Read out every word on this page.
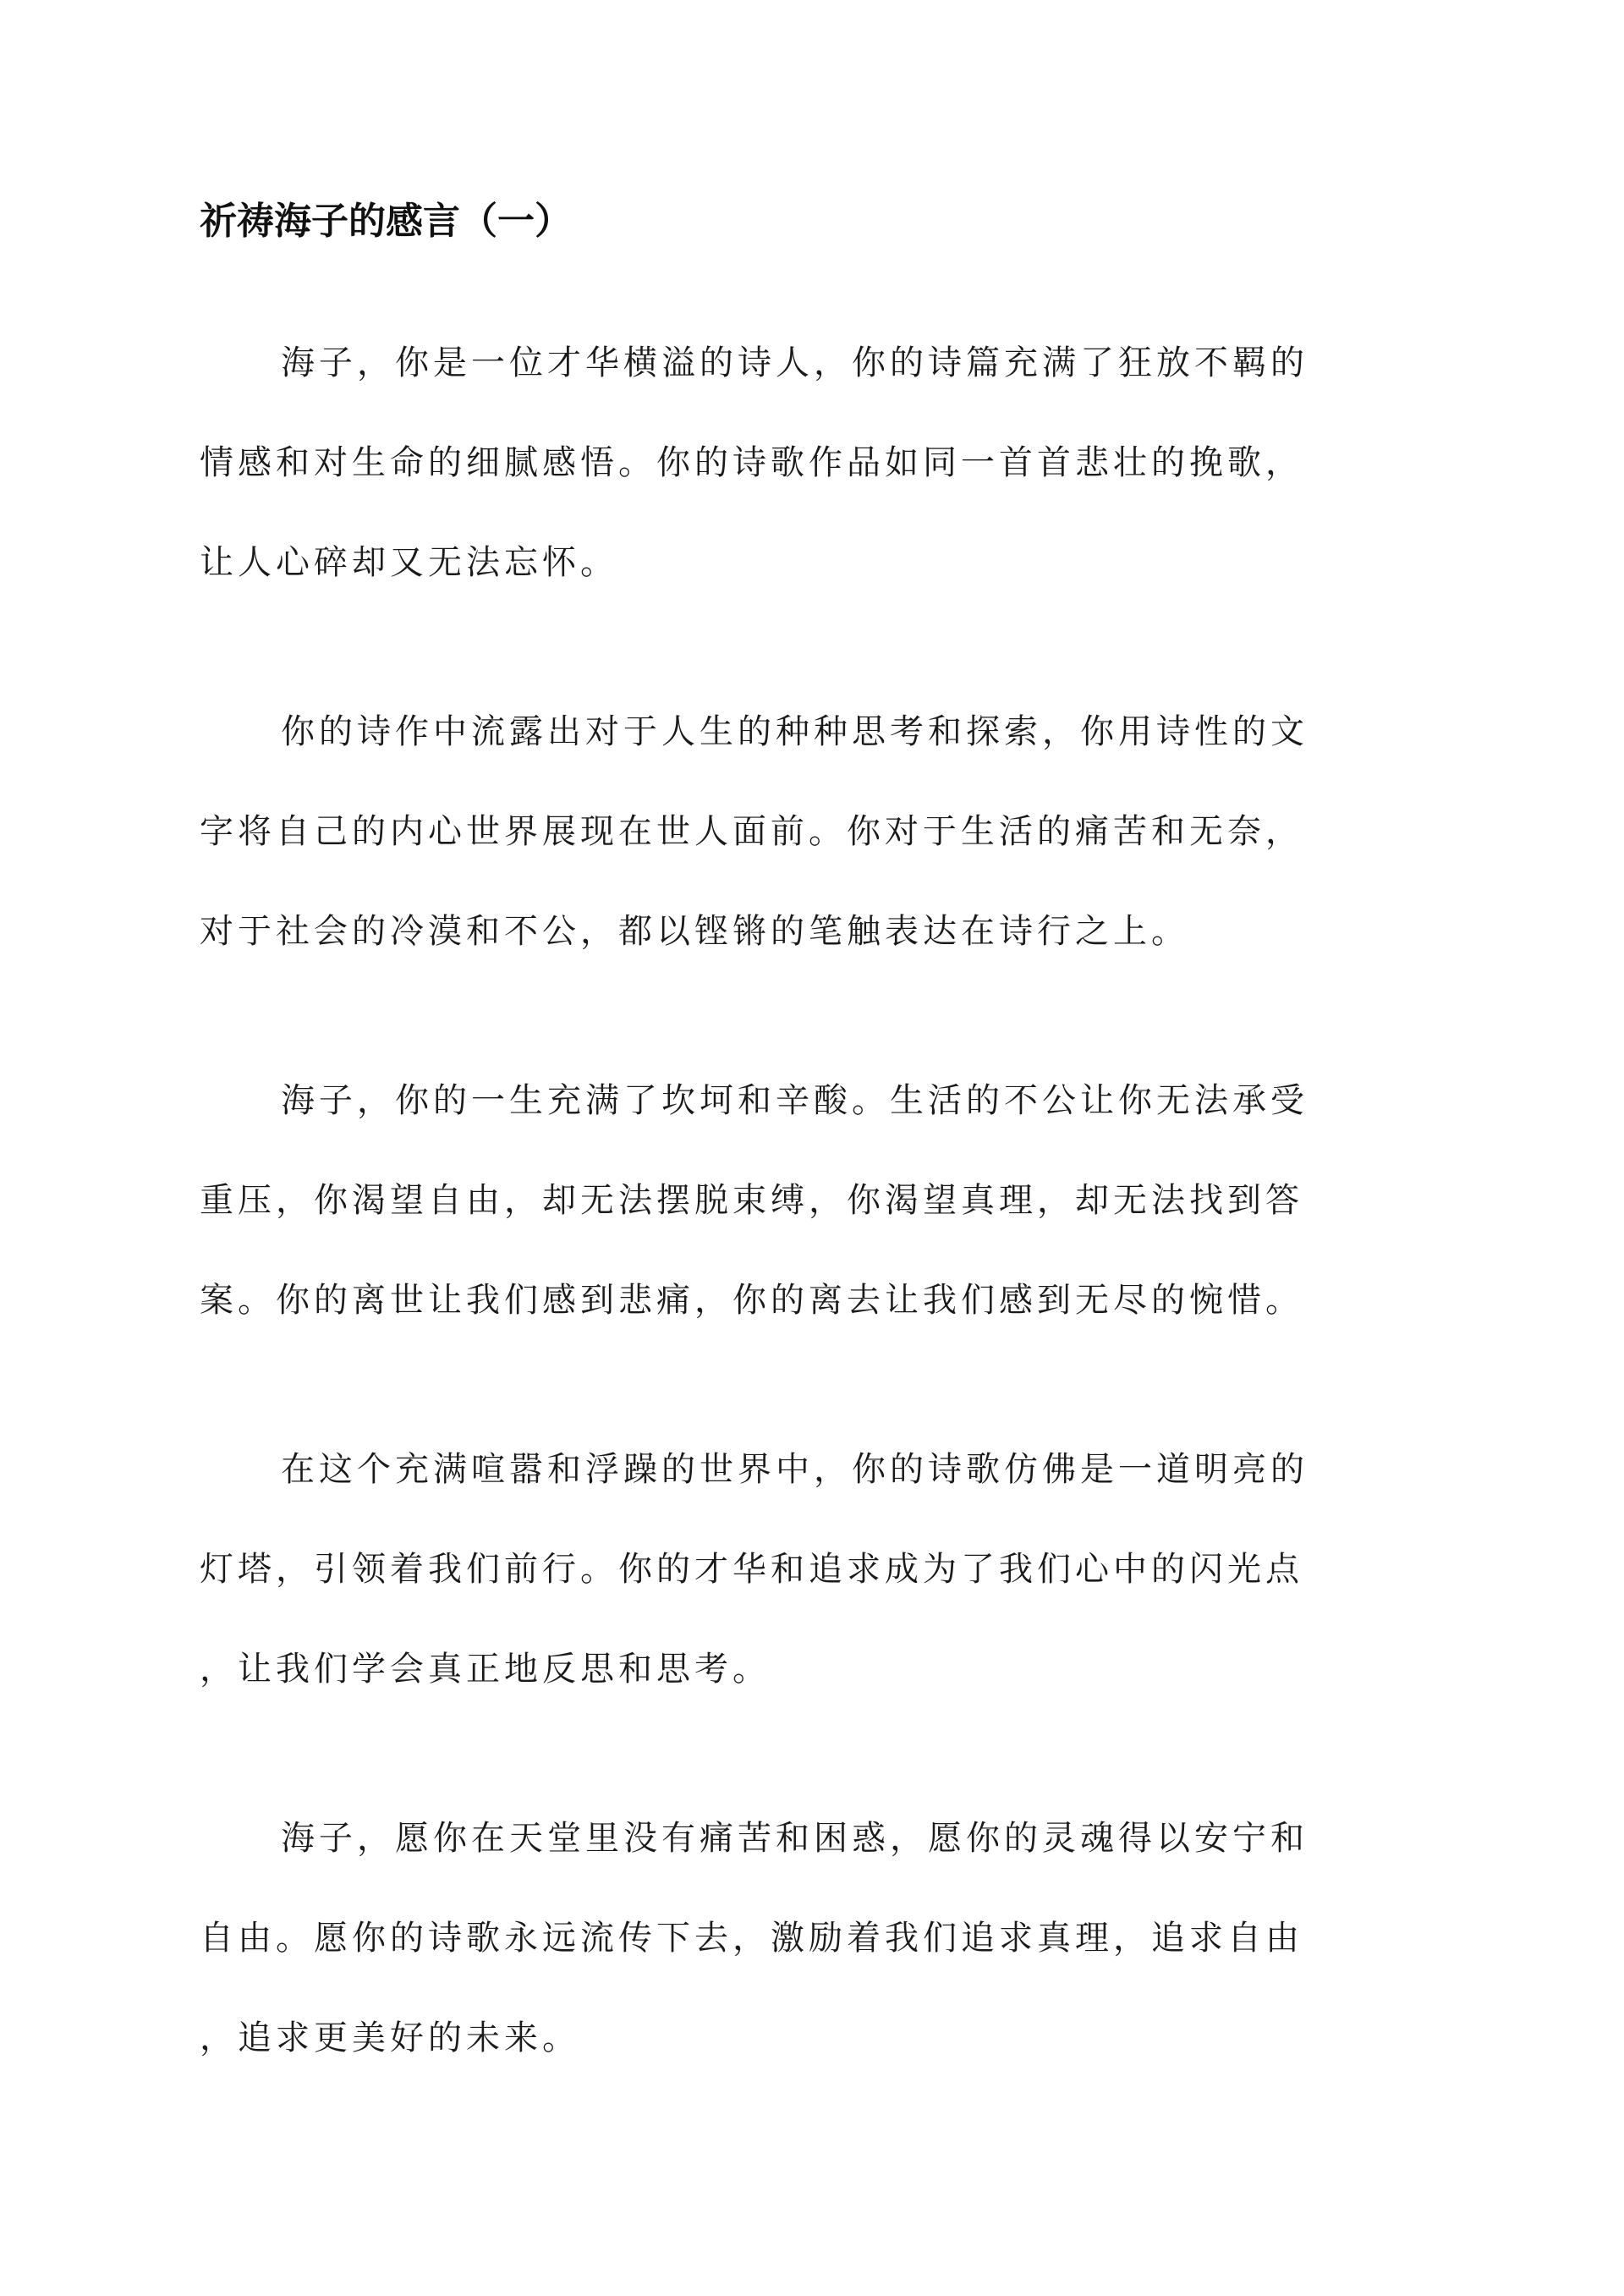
祈祷海子的感言（一）

海子，你是一位才华横溢的诗人，你的诗篇充满了狂放不羁的
情感和对生命的细腻感悟。你的诗歌作品如同一首首悲壮的挽歌，
让人心碎却又无法忘怀。

你的诗作中流露出对于人生的种种思考和探索，你用诗性的文
字将自己的内心世界展现在世人面前。你对于生活的痛苦和无奈，
对于社会的冷漠和不公，都以铿锵的笔触表达在诗行之上。

海子，你的一生充满了坎坷和辛酸。生活的不公让你无法承受
重压，你渴望自由，却无法摆脱束缚，你渴望真理，却无法找到答
案。你的离世让我们感到悲痛，你的离去让我们感到无尽的惋惜。

在这个充满喧嚣和浮躁的世界中，你的诗歌仿佛是一道明亮的
灯塔，引领着我们前行。你的才华和追求成为了我们心中的闪光点
，让我们学会真正地反思和思考。

海子，愿你在天堂里没有痛苦和困惑，愿你的灵魂得以安宁和
自由。愿你的诗歌永远流传下去，激励着我们追求真理，追求自由
，追求更美好的未来。
